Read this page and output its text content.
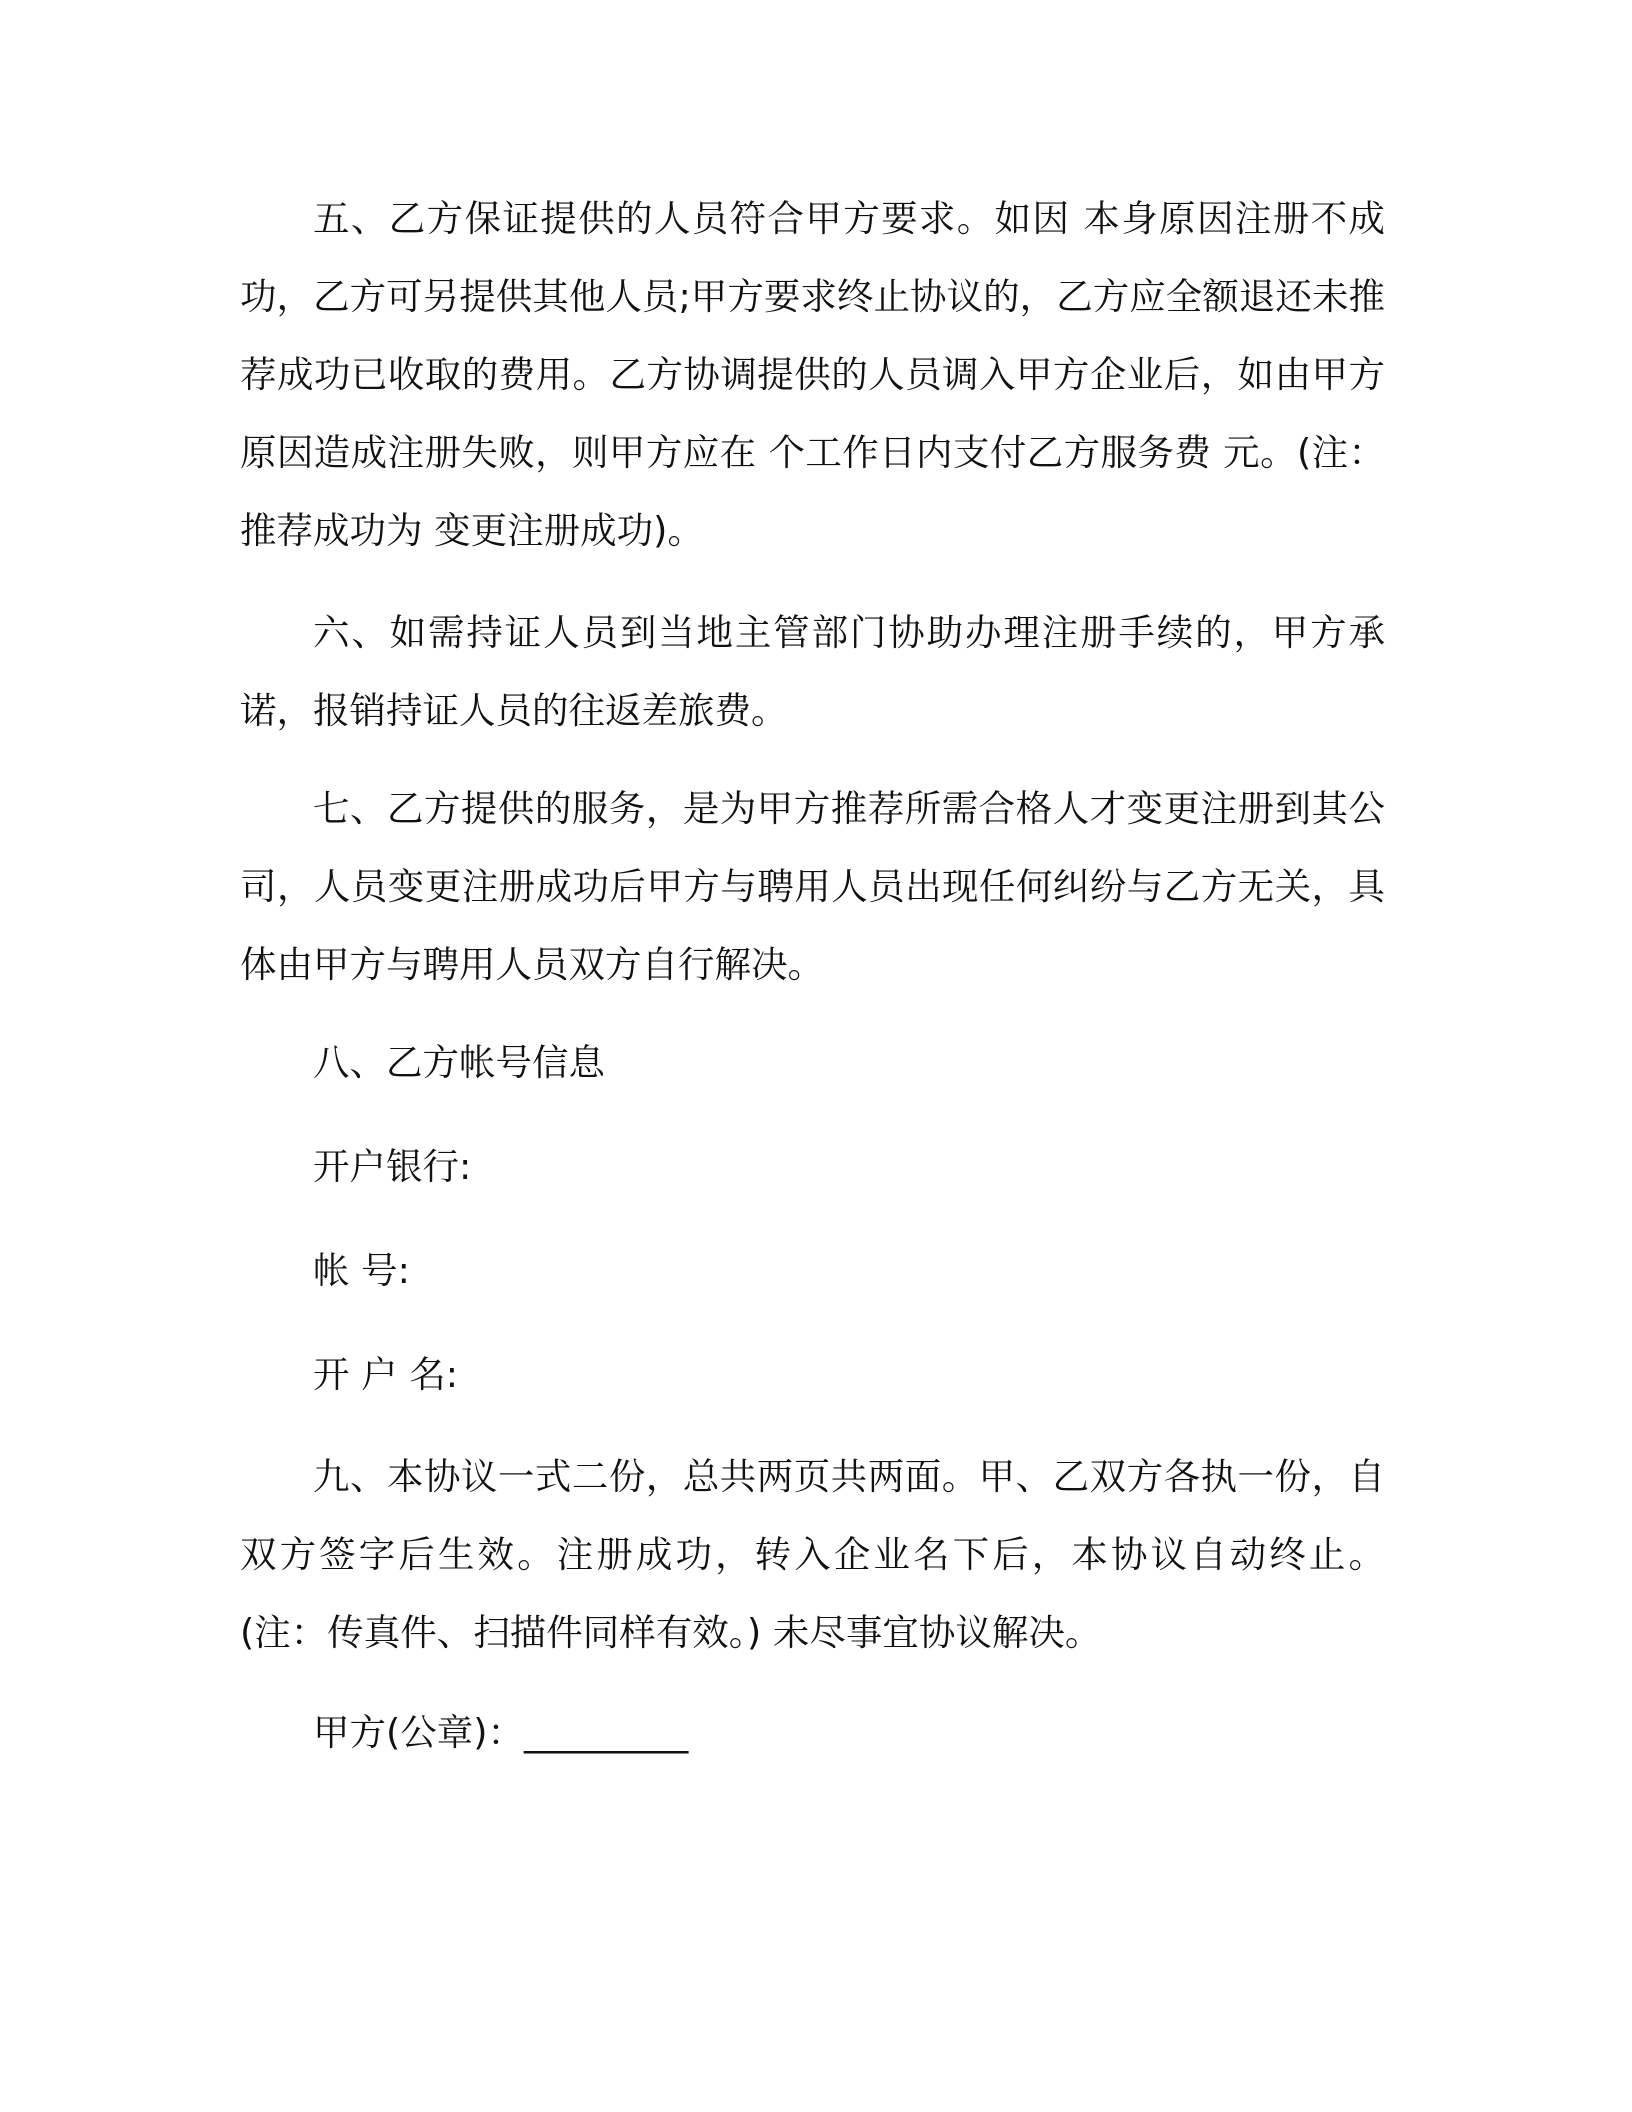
五、乙方保证提供的人员符合甲方要求。如因 本身原因注册不成功，乙方可另提供其他人员;甲方要求终止协议的，乙方应全额退还未推荐成功已收取的费用。乙方协调提供的人员调入甲方企业后，如由甲方原因造成注册失败，则甲方应在 个工作日内支付乙方服务费 元。(注：推荐成功为 变更注册成功)。

六、如需持证人员到当地主管部门协助办理注册手续的，甲方承诺，报销持证人员的往返差旅费。

七、乙方提供的服务，是为甲方推荐所需合格人才变更注册到其公司，人员变更注册成功后甲方与聘用人员出现任何纠纷与乙方无关，具体由甲方与聘用人员双方自行解决。

八、乙方帐号信息

开户银行:

帐 号:

开 户 名:

九、本协议一式二份，总共两页共两面。甲、乙双方各执一份，自双方签字后生效。注册成功，转入企业名下后，本协议自动终止。(注：传真件、扫描件同样有效。) 未尽事宜协议解决。

甲方(公章)：_________
